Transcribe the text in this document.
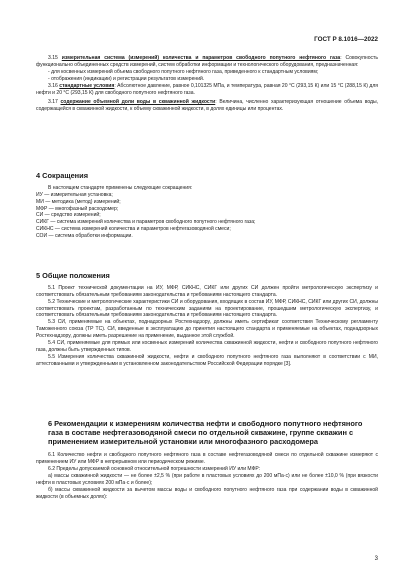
ГОСТ Р 8.1016—2022

3.15 измерительная система (измерений) количества и параметров свободного попутного нефтяного газа: Совокупность функционально объединенных средств измерений, систем обработки информации и технологического оборудования, предназначенная:

- для косвенных измерений объема свободного попутного нефтяного газа, приведенного к стандартным условиям;

- отображения (индикации) и регистрации результатов измерений.

3.16 стандартные условия: Абсолютное давление, равное 0,101325 МПа, и температура, равная 20 °С (293,15 К) или 15 °С (288,15 К) для нефти и 20 °С (293,15 К) для свободного попутного нефтяного газа.

3.17 содержание объемной доли воды в скважинной жидкости: Величина, численно характеризующая отношение объема воды, содержащейся в скважинной жидкости, к объему скважинной жидкости, в долях единицы или процентах.

4 Сокращения

В настоящем стандарте применены следующие сокращения:

ИУ — измерительная установка;
МИ — методика (метод) измерений;
МФР — многофазный расходомер;
СИ — средство измерений;
СИКГ — система измерений количества и параметров свободного попутного нефтяного газа;
СИКНС — система измерений количества и параметров нефтегазоводяной смеси;
СОИ — система обработки информации.
5 Общие положения

5.1 Проект технической документации на ИУ, МФР, СИКНС, СИКГ или других СИ должен пройти метрологическую экспертизу и соответствовать обязательным требованиям законодательства и требованиям настоящего стандарта.

5.2 Технические и метрологические характеристики СИ и оборудования, входящих в состав ИУ, МФР, СИКНС, СИКГ или других СИ, должны соответствовать проектам, разработанным по техническим заданиям на проектирование, прошедшим метрологическую экспертизу, и соответствовать обязательным требованиям законодательства и требованиям настоящего стандарта.

5.3 СИ, применяемые на объектах, поднадзорных Ростехнадзору, должны иметь сертификат соответствия Техническому регламенту Таможенного союза (ТР ТС). СИ, введенные в эксплуатацию до принятия настоящего стандарта и применяемые на объектах, поднадзорных Ростехнадзору, должны иметь разрешение на применение, выданное этой службой.

5.4 СИ, применяемые для прямых или косвенных измерений количества скважинной жидкости, нефти и свободного попутного нефтяного газа, должны быть утвержденных типов.

5.5 Измерения количества скважинной жидкости, нефти и свободного попутного нефтяного газа выполняют в соответствии с МИ, аттестованными и утвержденными в установленном законодательством Российской Федерации порядке [3].

6 Рекомендации к измерениям количества нефти и свободного попутного нефтяного газа в составе нефтегазоводяной смеси по отдельной скважине, группе скважин с применением измерительной установки или многофазного расходомера

6.1 Количество нефти и свободного попутного нефтяного газа в составе нефтегазоводяной смеси по отдельной скважине измеряют с применением ИУ или МФР в непрерывном или периодическом режиме.

6.2 Пределы допускаемой основной относительной погрешности измерений ИУ или МФР:

а) массы скважинной жидкости — не более ±2,5 % (при работе в пластовых условиях до 200 мПа·с) или не более ±10,0 % (при вязкости нефти в пластовых условиях 200 мПа·с и более);

б) массы скважинной жидкости за вычетом массы воды и свободного попутного нефтяного газа при содержании воды в скважинной жидкости (в объемных долях):

3
